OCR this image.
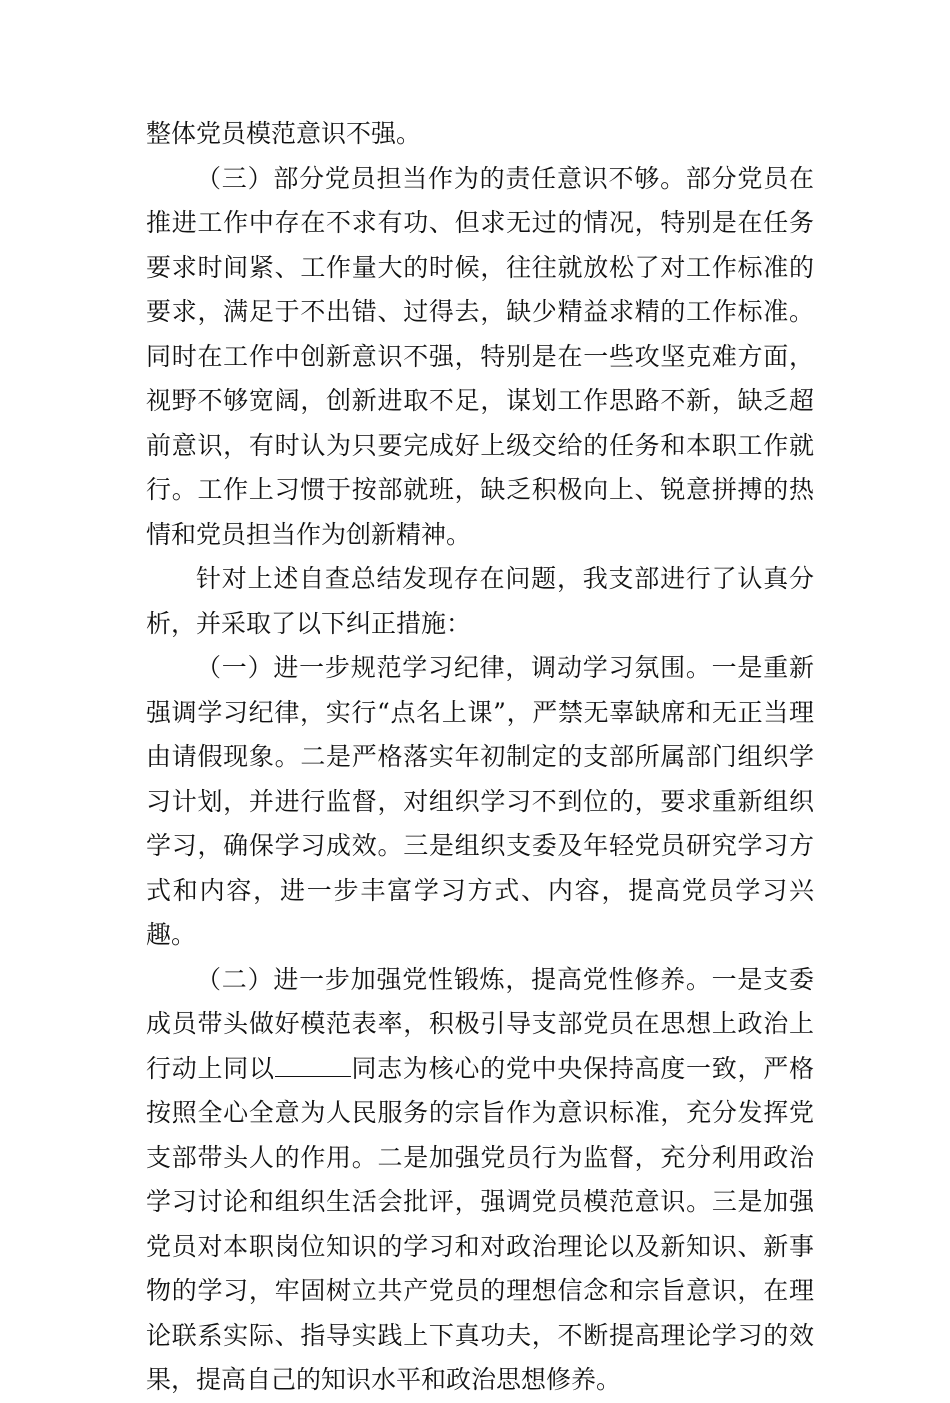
整体党员模范意识不强。

（三）部分党员担当作为的责任意识不够。部分党员在推进工作中存在不求有功、但求无过的情况，特别是在任务要求时间紧、工作量大的时候，往往就放松了对工作标准的要求，满足于不出错、过得去，缺少精益求精的工作标准。同时在工作中创新意识不强，特别是在一些攻坚克难方面，视野不够宽阔，创新进取不足，谋划工作思路不新，缺乏超前意识，有时认为只要完成好上级交给的任务和本职工作就行。工作上习惯于按部就班，缺乏积极向上、锐意拼搏的热情和党员担当作为创新精神。

针对上述自查总结发现存在问题，我支部进行了认真分析，并采取了以下纠正措施：

（一）进一步规范学习纪律，调动学习氛围。一是重新强调学习纪律，实行“点名上课”，严禁无辜缺席和无正当理由请假现象。二是严格落实年初制定的支部所属部门组织学习计划，并进行监督，对组织学习不到位的，要求重新组织学习，确保学习成效。三是组织支委及年轻党员研究学习方式和内容，进一步丰富学习方式、内容，提高党员学习兴趣。

（二）进一步加强党性锻炼，提高党性修养。一是支委成员带头做好模范表率，积极引导支部党员在思想上政治上行动上同以	同志为核心的党中央保持高度一致，严格按照全心全意为人民服务的宗旨作为意识标准，充分发挥党支部带头人的作用。二是加强党员行为监督，充分利用政治学习讨论和组织生活会批评，强调党员模范意识。三是加强党员对本职岗位知识的学习和对政治理论以及新知识、新事物的学习，牢固树立共产党员的理想信念和宗旨意识，在理论联系实际、指导实践上下真功夫，不断提高理论学习的效果，提高自己的知识水平和政治思想修养。
